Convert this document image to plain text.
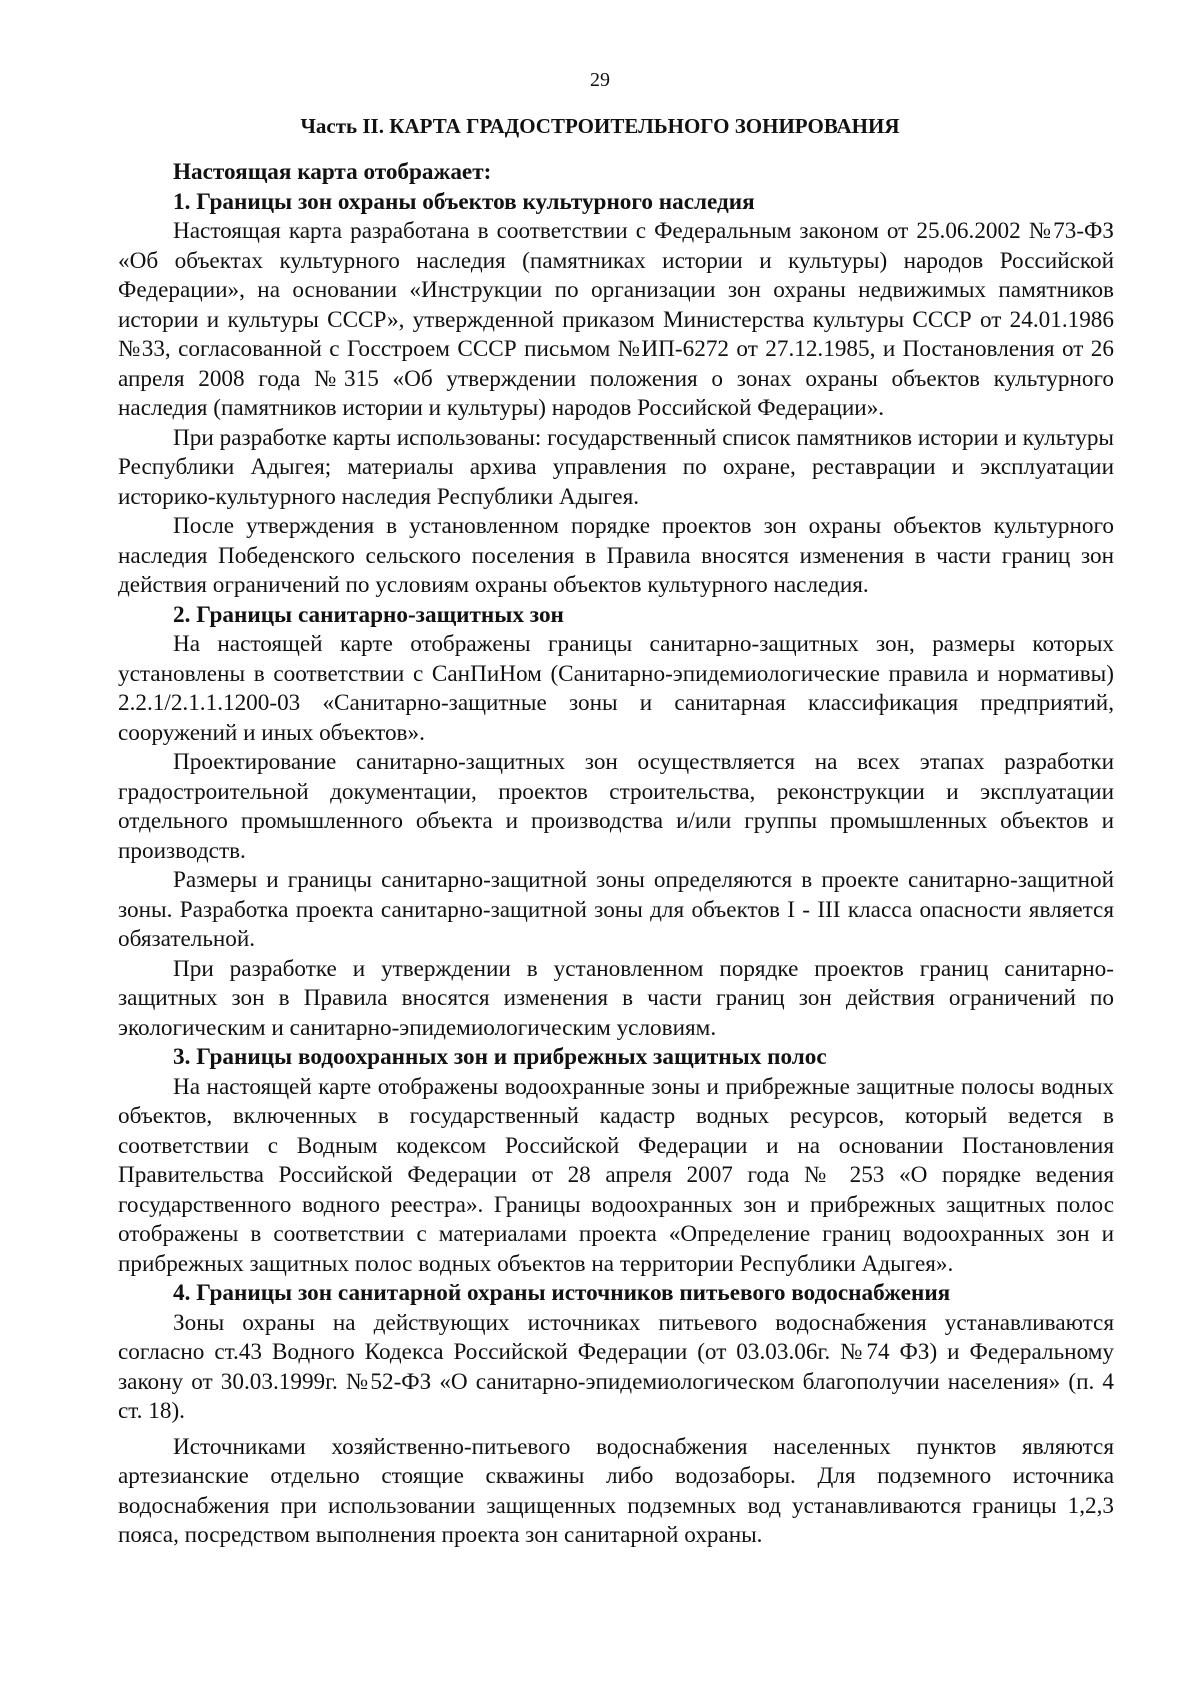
29
Часть II. КАРТА ГРАДОСТРОИТЕЛЬНОГО ЗОНИРОВАНИЯ
Настоящая карта отображает:
1. Границы зон охраны объектов культурного наследия

Настоящая карта разработана в соответствии с Федеральным законом от 25.06.2002 №73-ФЗ «Об объектах культурного наследия (памятниках истории и культуры) народов Российской Федерации», на основании «Инструкции по организации зон охраны недвижимых памятников истории и культуры СССР», утвержденной приказом Министерства культуры СССР от 24.01.1986 №33, согласованной с Госстроем СССР письмом №ИП-6272 от 27.12.1985, и Постановления от 26 апреля 2008 года №315 «Об утверждении положения о зонах охраны объектов культурного наследия (памятников истории и культуры) народов Российской Федерации».

При разработке карты использованы: государственный список памятников истории и культуры Республики Адыгея; материалы архива управления по охране, реставрации и эксплуатации историко-культурного наследия Республики Адыгея.

После утверждения в установленном порядке проектов зон охраны объектов культурного наследия Победенского сельского поселения в Правила вносятся изменения в части границ зон действия ограничений по условиям охраны объектов культурного наследия.

2. Границы санитарно-защитных зон

На настоящей карте отображены границы санитарно-защитных зон, размеры которых установлены в соответствии с СанПиНом (Санитарно-эпидемиологические правила и нормативы) 2.2.1/2.1.1.1200-03 «Санитарно-защитные зоны и санитарная классификация предприятий, сооружений и иных объектов».

Проектирование санитарно-защитных зон осуществляется на всех этапах разработки градостроительной документации, проектов строительства, реконструкции и эксплуатации отдельного промышленного объекта и производства и/или группы промышленных объектов и производств.

Размеры и границы санитарно-защитной зоны определяются в проекте санитарно-защитной зоны. Разработка проекта санитарно-защитной зоны для объектов I - III класса опасности является обязательной.

При разработке и утверждении в установленном порядке проектов границ санитарно-защитных зон в Правила вносятся изменения в части границ зон действия ограничений по экологическим и санитарно-эпидемиологическим условиям.

3. Границы водоохранных зон и прибрежных защитных полос

На настоящей карте отображены водоохранные зоны и прибрежные защитные полосы водных объектов, включенных в государственный кадастр водных ресурсов, который ведется в соответствии с Водным кодексом Российской Федерации и на основании Постановления Правительства Российской Федерации от 28 апреля 2007 года № 253 «О порядке ведения государственного водного реестра». Границы водоохранных зон и прибрежных защитных полос отображены в соответствии с материалами проекта «Определение границ водоохранных зон и прибрежных защитных полос водных объектов на территории Республики Адыгея».

4. Границы зон санитарной охраны источников питьевого водоснабжения

Зоны охраны на действующих источниках питьевого водоснабжения устанавливаются согласно ст.43 Водного Кодекса Российской Федерации (от 03.03.06г. №74 ФЗ) и Федеральному закону от 30.03.1999г. №52-ФЗ «О санитарно-эпидемиологическом благополучии населения» (п. 4 ст. 18).

Источниками хозяйственно-питьевого водоснабжения населенных пунктов являются артезианские отдельно стоящие скважины либо водозаборы. Для подземного источника водоснабжения при использовании защищенных подземных вод устанавливаются границы 1,2,3 пояса, посредством выполнения проекта зон санитарной охраны.
